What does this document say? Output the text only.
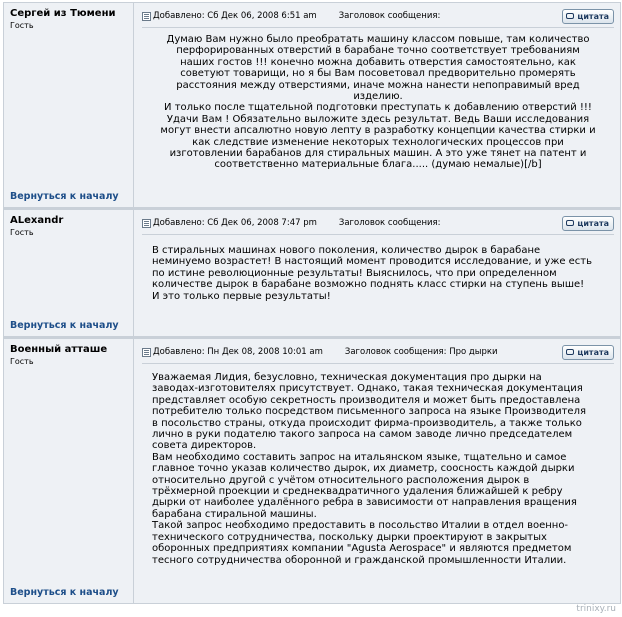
Сергей из Тюмени
Гость
Добавлено: Сб Дек 06, 2008 6:51 am	Заголовок сообщения:	цитата
Думаю Вам нужно было преобратать машину классом повыше, там количество
перфорированных отверстий в барабане точно соответствует требованиям
наших гостов !!! конечно можна добавить отверстия самостоятельно, как
советуют товарищи, но я бы Вам посоветовал предворительно промерять
расстояния между отверстиями, иначе можна нанести непоправимый вред
изделию.
И только после тщательной подготовки преступать к добавлению отверстий !!!
Удачи Вам ! Обязательно выложите здесь результат. Ведь Ваши исследования
могут внести апсалютно новую лепту в разработку концепции качества стирки и
как следствие изменение некоторых технологических процессов при
изготовлении барабанов для стиральных машин. А это уже тянет на патент и
соответственно материальные блага..... (думаю немалые)[/b]
Вернуться к началу
ALexandr
Гость
Добавлено: Сб Дек 06, 2008 7:47 pm	Заголовок сообщения:	цитата
В стиральных машинах нового поколения, количество дырок в барабане
неминуемо возрастет! В настоящий момент проводится исследование, и уже есть
по истине революционные результаты! Выяснилось, что при определенном
количестве дырок в барабане возможно поднять класс стирки на ступень выше!
И это только первые результаты!
Вернуться к началу
Военный атташе
Гость
Добавлено: Пн Дек 08, 2008 10:01 am	Заголовок сообщения: Про дырки	цитата
Уважаемая Лидия, безусловно, техническая документация про дырки на
заводах-изготовителях присутствует. Однако, такая техническая документация
представляет особую секретность производителя и может быть предоставлена
потребителю только посредством письменного запроса на языке Производителя
в посольство страны, откуда происходит фирма-производитель, а также только
лично в руки подателю такого запроса на самом заводе лично председателем
совета директоров.
Вам необходимо составить запрос на итальянском языке, тщательно и самое
главное точно указав количество дырок, их диаметр, соосность каждой дырки
относительно другой с учётом относительного расположения дырок в
трёхмерной проекции и среднеквадратичного удаления ближайшей к ребру
дырки от наиболее удалённого ребра в зависимости от направления вращения
барабана стиральной машины.
Такой запрос необходимо предоставить в посольство Италии в отдел военно-
технического сотрудничества, поскольку дырки проектируют в закрытых
оборонных предприятиях компании "Agusta Aerospace" и являются предметом
тесного сотрудничества оборонной и гражданской промышленности Италии.
Вернуться к началу
trinixy.ru
